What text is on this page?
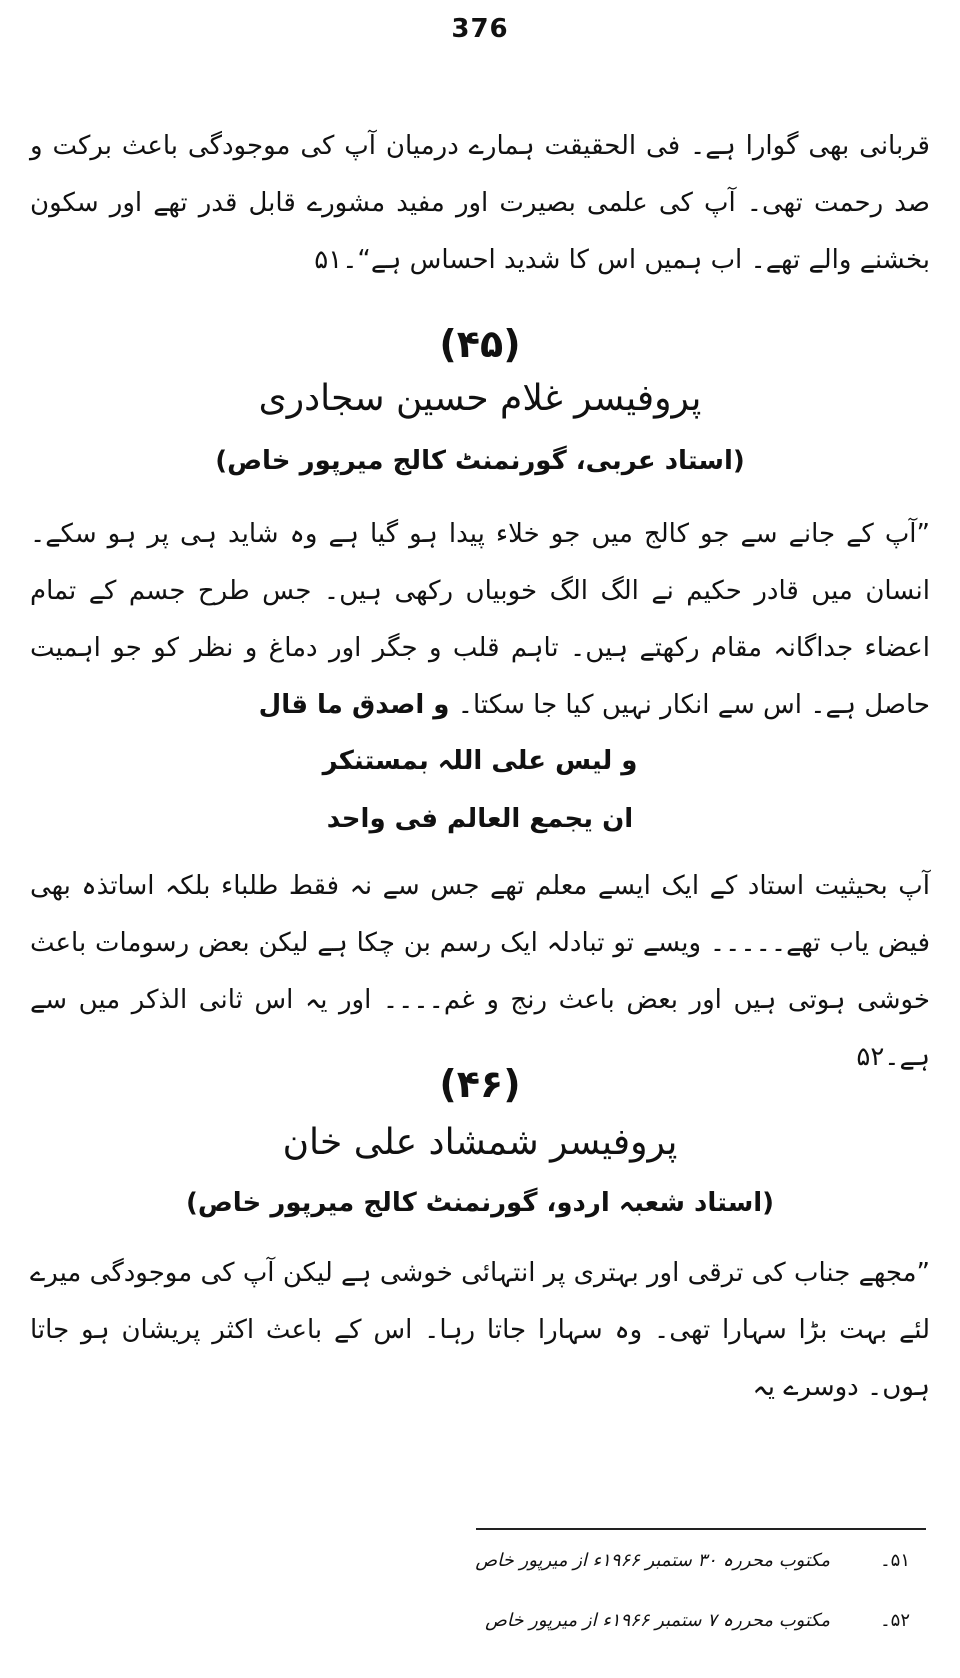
376
قربانی بھی گوارا ہے۔ فی الحقیقت ہمارے درمیان آپ کی موجودگی باعث برکت و صد رحمت تھی۔ آپ کی علمی بصیرت اور مفید مشورے قابل قدر تھے اور سکون بخشنے والے تھے۔ اب ہمیں اس کا شدید احساس ہے“۔۵۱
(۴۵)
پروفیسر غلام حسین سجادری
(استاد عربی، گورنمنٹ کالج میرپور خاص)
”آپ کے جانے سے جو کالج میں جو خلاء پیدا ہو گیا ہے وہ شاید ہی پر ہو سکے۔ انسان میں قادر حکیم نے الگ الگ خوبیاں رکھی ہیں۔ جس طرح جسم کے تمام اعضاء جداگانہ مقام رکھتے ہیں۔ تاہم قلب و جگر اور دماغ و نظر کو جو اہمیت حاصل ہے۔ اس سے انکار نہیں کیا جا سکتا۔ و اصدق ما قال
و لیس علی اللہ بمستنکر
ان یجمع العالم فی واحد
آپ بحیثیت استاد کے ایک ایسے معلم تھے جس سے نہ فقط طلباء بلکہ اساتذہ بھی فیض یاب تھے۔۔۔۔۔ ویسے تو تبادلہ ایک رسم بن چکا ہے لیکن بعض رسومات باعث خوشی ہوتی ہیں اور بعض باعث رنج و غم۔۔۔۔ اور یہ اس ثانی الذکر میں سے ہے۔۵۲
(۴۶)
پروفیسر شمشاد علی خان
(استاد شعبہ اردو، گورنمنٹ کالج میرپور خاص)
”مجھے جناب کی ترقی اور بہتری پر انتہائی خوشی ہے لیکن آپ کی موجودگی میرے لئے بہت بڑا سہارا تھی۔ وہ سہارا جاتا رہا۔ اس کے باعث اکثر پریشان ہو جاتا ہوں۔ دوسرے یہ
۵۱۔
مکتوب محررہ ۳۰ ستمبر ۱۹۶۶ء از میرپور خاص
۵۲۔
مکتوب محررہ ۷ ستمبر ۱۹۶۶ء از میرپور خاص
